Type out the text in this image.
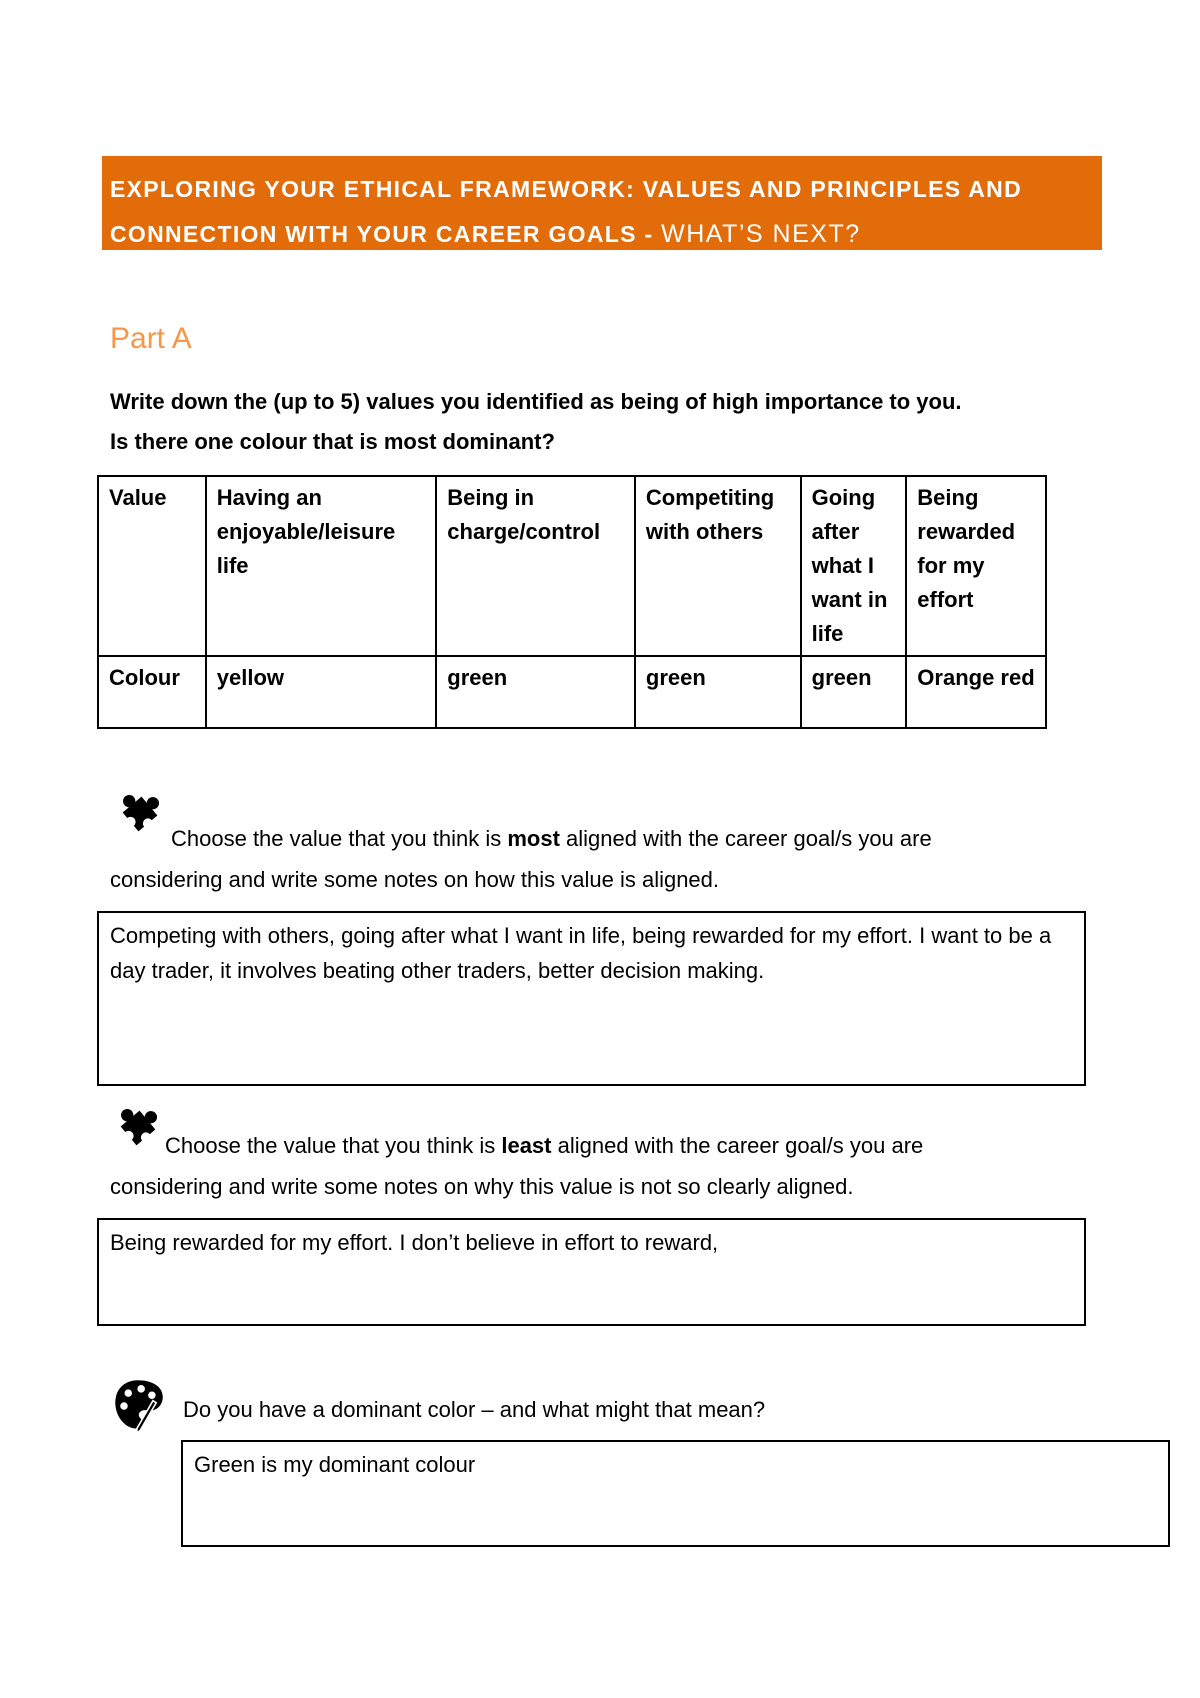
EXPLORING YOUR ETHICAL FRAMEWORK: VALUES AND PRINCIPLES AND
CONNECTION WITH YOUR CAREER GOALS - WHAT’S NEXT?
Part A

Write down the (up to 5) values you identified as being of high importance to you.

Is there one colour that is most dominant?

Value	Having an enjoyable/leisure life	Being in charge/control	Competiting with others	Going after what I want in life	Being rewarded for my effort
Colour	yellow	green	green	green	Orange red

Choose the value that you think is most aligned with the career goal/s you are

considering and write some notes on how this value is aligned.

Competing with others, going after what I want in life, being rewarded for my effort. I want to be a day trader, it involves beating other traders, better decision making.

Choose the value that you think is least aligned with the career goal/s you are

considering and write some notes on why this value is not so clearly aligned.

Being rewarded for my effort. I don’t believe in effort to reward,

Do you have a dominant color – and what might that mean?

Green is my dominant colour
